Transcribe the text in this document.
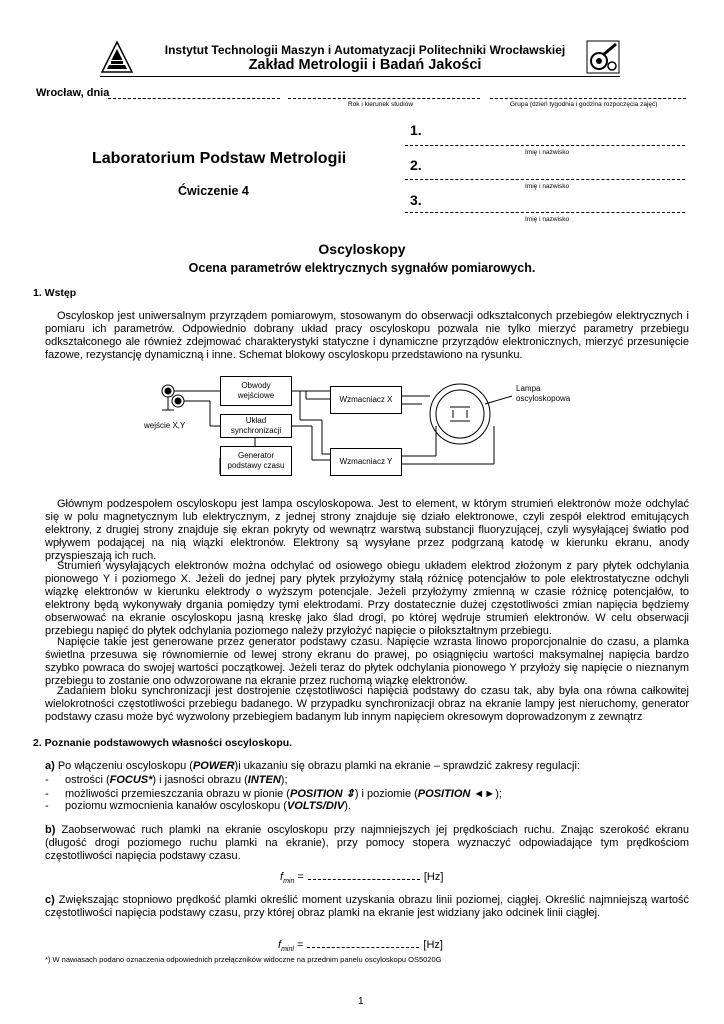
Instytut Technologii Maszyn i Automatyzacji Politechniki Wrocławskiej
Zakład Metrologii i Badań Jakości
Wrocław, dnia
Rok i kierunek studiów	Grupa (dzień tygodnia i godzina rozpoczęcia zajęć)
1.
Imię i nazwisko
2.
Imię i nazwisko
3.
Imię i nazwisko
Laboratorium Podstaw Metrologii
Ćwiczenie 4
Oscyloskopy
Ocena parametrów elektrycznych sygnałów pomiarowych.
1. Wstęp
Oscyloskop jest uniwersalnym przyrządem pomiarowym, stosowanym do obserwacji odkształconych przebiegów elektrycznych i pomiaru ich parametrów. Odpowiednio dobrany układ pracy oscyloskopu pozwala nie tylko mierzyć parametry przebiegu odkształconego ale również zdejmować charakterystyki statyczne i dynamiczne przyrządów elektronicznych, mierzyć przesunięcie fazowe, rezystancję dynamiczną i inne. Schemat blokowy oscyloskopu przedstawiono na rysunku.
Obwody wejściowe	Wzmacniacz X
Układ synchronizacji
Generator podstawy czasu	Wzmacniacz Y
Lampa oscyloskopowa
wejście X,Y
Głównym podzespołem oscyloskopu jest lampa oscyloskopowa. Jest to element, w którym strumień elektronów może odchylać się w polu magnetycznym lub elektrycznym, z jednej strony znajduje się działo elektronowe, czyli zespół elektrod emitujących elektrony, z drugiej strony znajduje się ekran pokryty od wewnątrz warstwą substancji fluoryzującej, czyli wysyłającej światło pod wpływem podającej na nią wiązki elektronów. Elektrony są wysyłane przez podgrzaną katodę w kierunku ekranu, anody przyspieszają ich ruch.
Strumień wysyłających elektronów można odchylać od osiowego obiegu układem elektrod złożonym z pary płytek odchylania pionowego Y i poziomego X. Jeżeli do jednej pary płytek przyłożymy stałą różnicę potencjałów to pole elektrostatyczne odchyli wiązkę elektronów w kierunku elektrody o wyższym potencjale. Jeżeli przyłożymy zmienną w czasie różnicę potencjałów, to elektrony będą wykonywały drgania pomiędzy tymi elektrodami. Przy dostatecznie dużej częstotliwości zmian napięcia będziemy obserwować na ekranie oscyloskopu jasną kreskę jako ślad drogi, po której wędruje strumień elektronów. W celu obserwacji przebiegu napięć do płytek odchylania poziomego należy przyłożyć napięcie o piłokształtnym przebiegu.
Napięcie takie jest generowane przez generator podstawy czasu. Napięcie wzrasta linowo proporcjonalnie do czasu, a plamka świetlna przesuwa się równomiernie od lewej strony ekranu do prawej, po osiągnięciu wartości maksymalnej napięcia bardzo szybko powraca do swojej wartości początkowej. Jeżeli teraz do płytek odchylania pionowego Y przyłoży się napięcie o nieznanym przebiegu to zostanie ono odwzorowane na ekranie przez ruchomą wiązkę elektronów.
Zadaniem bloku synchronizacji jest dostrojenie częstotliwości napięcia podstawy do czasu tak, aby była ona równa całkowitej wielokrotności częstotliwości przebiegu badanego. W przypadku synchronizacji obraz na ekranie lampy jest nieruchomy, generator podstawy czasu może być wyzwolony przebiegiem badanym lub innym napięciem okresowym doprowadzonym z zewnątrz
2. Poznanie podstawowych własności oscyloskopu.
a) Po włączeniu oscyloskopu (POWER)i ukazaniu się obrazu plamki na ekranie – sprawdzić zakresy regulacji:
- ostrości (FOCUS*) i jasności obrazu (INTEN);
- możliwości przemieszczania obrazu w pionie (POSITION ⇕) i poziomie (POSITION ◄►);
- poziomu wzmocnienia kanałów oscyloskopu (VOLTS/DIV).
b) Zaobserwować ruch plamki na ekranie oscyloskopu przy najmniejszych jej prędkościach ruchu. Znając szerokość ekranu (długość drogi poziomego ruchu plamki na ekranie), przy pomocy stopera wyznaczyć odpowiadające tym prędkościom częstotliwości napięcia podstawy czasu.
$f_{min}$ =	[Hz]
c) Zwiększając stopniowo prędkość plamki określić moment uzyskania obrazu linii poziomej, ciągłej. Określić najmniejszą wartość częstotliwości napięcia podstawy czasu, przy której obraz plamki na ekranie jest widziany jako odcinek linii ciągłej.
$f_{minl}$ =	[Hz]
*) W nawiasach podano oznaczenia odpowiednich przełączników widoczne na przednim panelu oscyloskopu OS5020G
1
